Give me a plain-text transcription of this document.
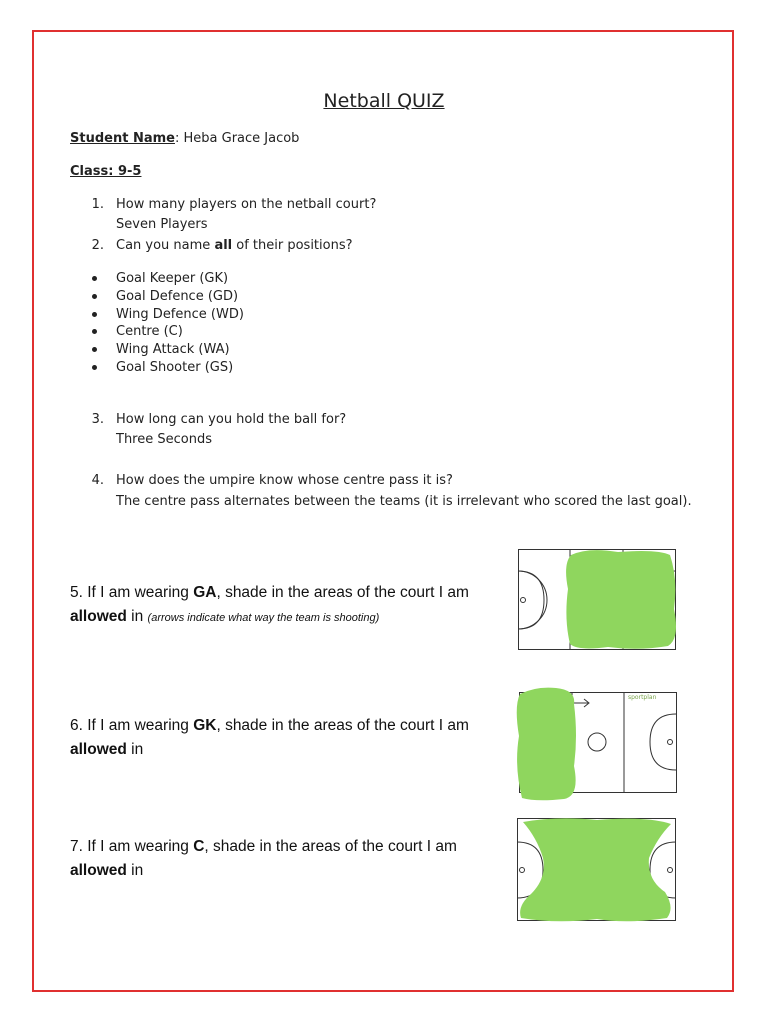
Netball QUIZ
Student Name: Heba Grace Jacob
Class: 9-5
1. How many players on the netball court?
Seven Players
2. Can you name all of their positions?
Goal Keeper (GK)
Goal Defence (GD)
Wing Defence (WD)
Centre (C)
Wing Attack (WA)
Goal Shooter (GS)
3. How long can you hold the ball for?
Three Seconds
4. How does the umpire know whose centre pass it is?
The centre pass alternates between the teams (it is irrelevant who scored the last goal).
5. If I am wearing GA, shade in the areas of the court I am
allowed in (arrows indicate what way the team is shooting)
6. If I am wearing GK, shade in the areas of the court I am
allowed in
7. If I am wearing C, shade in the areas of the court I am
allowed in
sportplan
